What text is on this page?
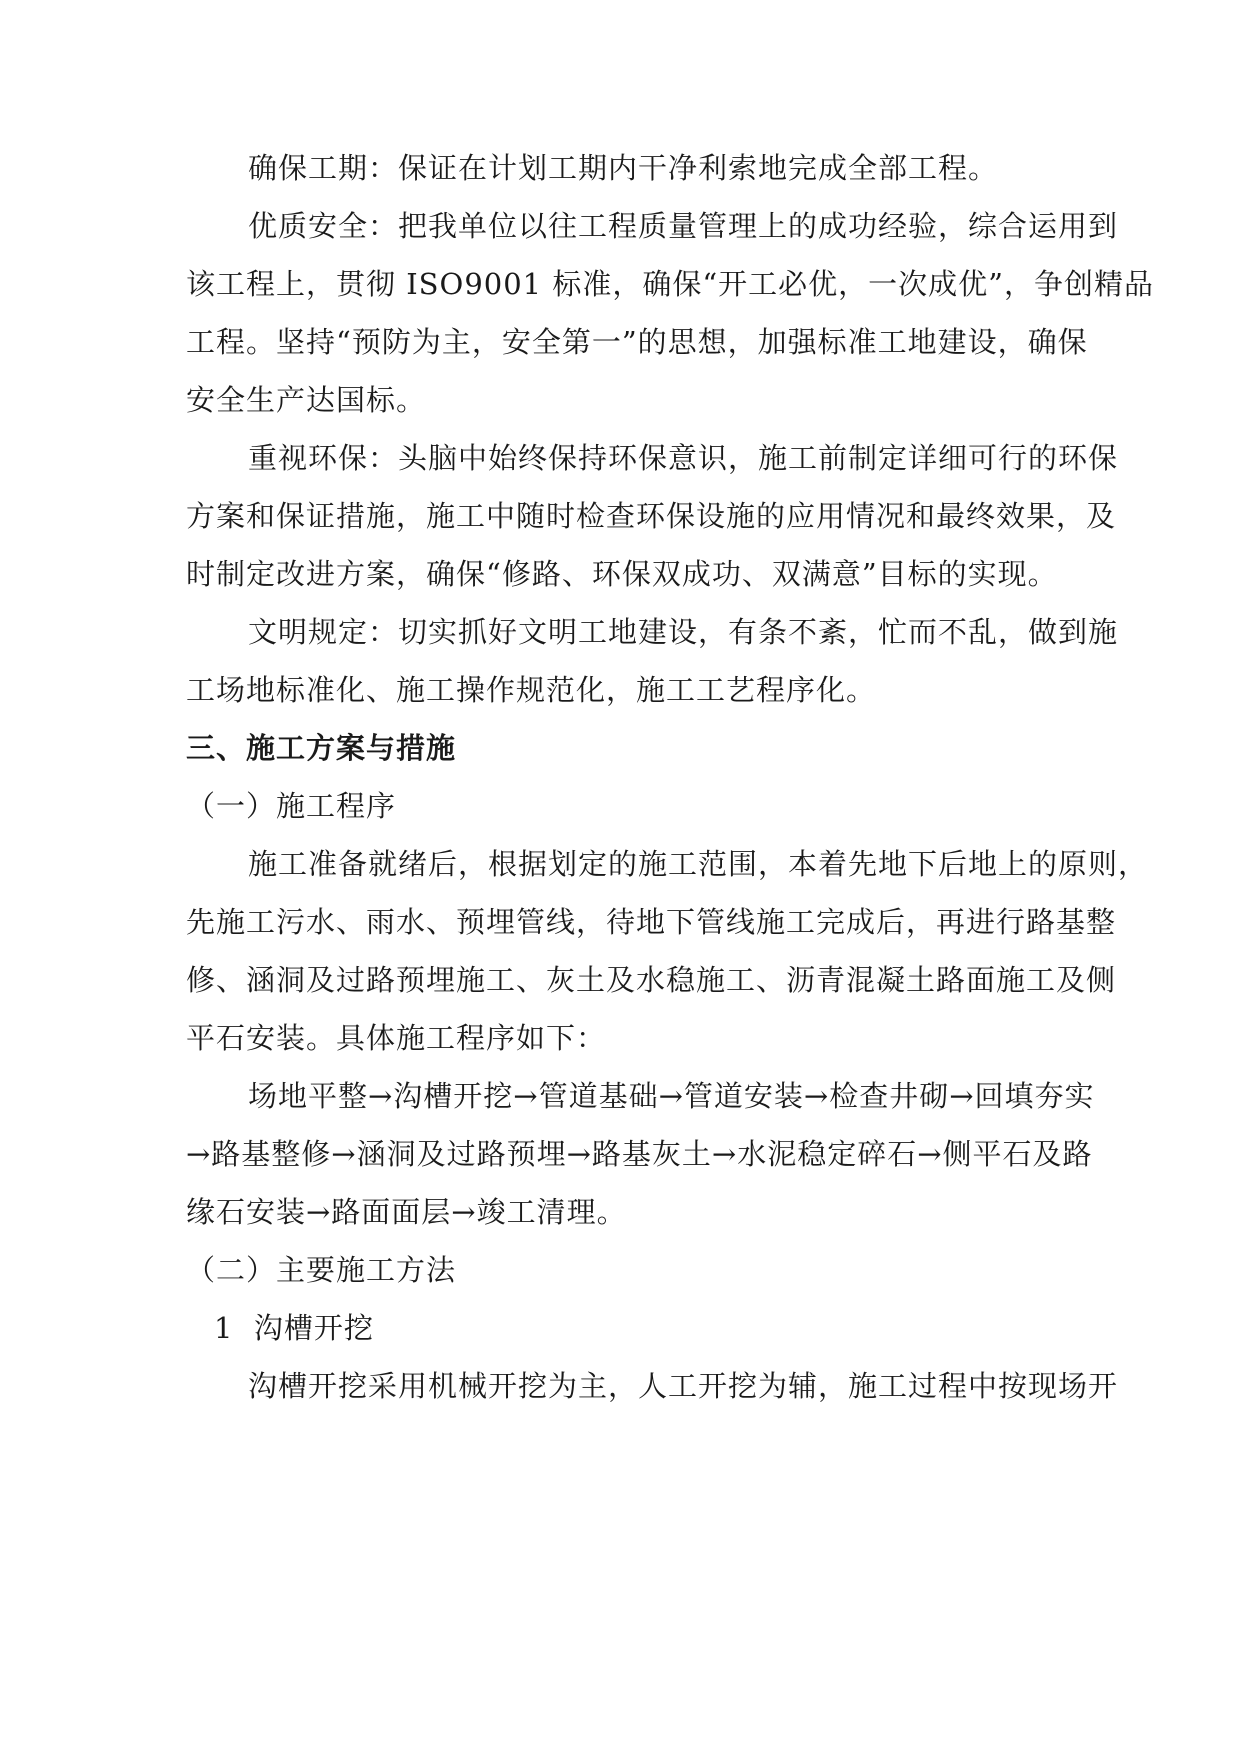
确保工期：保证在计划工期内干净利索地完成全部工程。
优质安全：把我单位以往工程质量管理上的成功经验，综合运用到
该工程上，贯彻 ISO9001 标准，确保“开工必优，一次成优”，争创精品
工程。坚持“预防为主，安全第一”的思想，加强标准工地建设，确保
安全生产达国标。
重视环保：头脑中始终保持环保意识，施工前制定详细可行的环保
方案和保证措施，施工中随时检查环保设施的应用情况和最终效果，及
时制定改进方案，确保“修路、环保双成功、双满意”目标的实现。
文明规定：切实抓好文明工地建设，有条不紊，忙而不乱，做到施
工场地标准化、施工操作规范化，施工工艺程序化。
三、施工方案与措施
（一）施工程序
施工准备就绪后，根据划定的施工范围，本着先地下后地上的原则，
先施工污水、雨水、预埋管线，待地下管线施工完成后，再进行路基整
修、涵洞及过路预埋施工、灰土及水稳施工、沥青混凝土路面施工及侧
平石安装。具体施工程序如下：
场地平整→沟槽开挖→管道基础→管道安装→检查井砌→回填夯实
→路基整修→涵洞及过路预埋→路基灰土→水泥稳定碎石→侧平石及路
缘石安装→路面面层→竣工清理。
（二）主要施工方法
1  沟槽开挖
沟槽开挖采用机械开挖为主，人工开挖为辅，施工过程中按现场开
